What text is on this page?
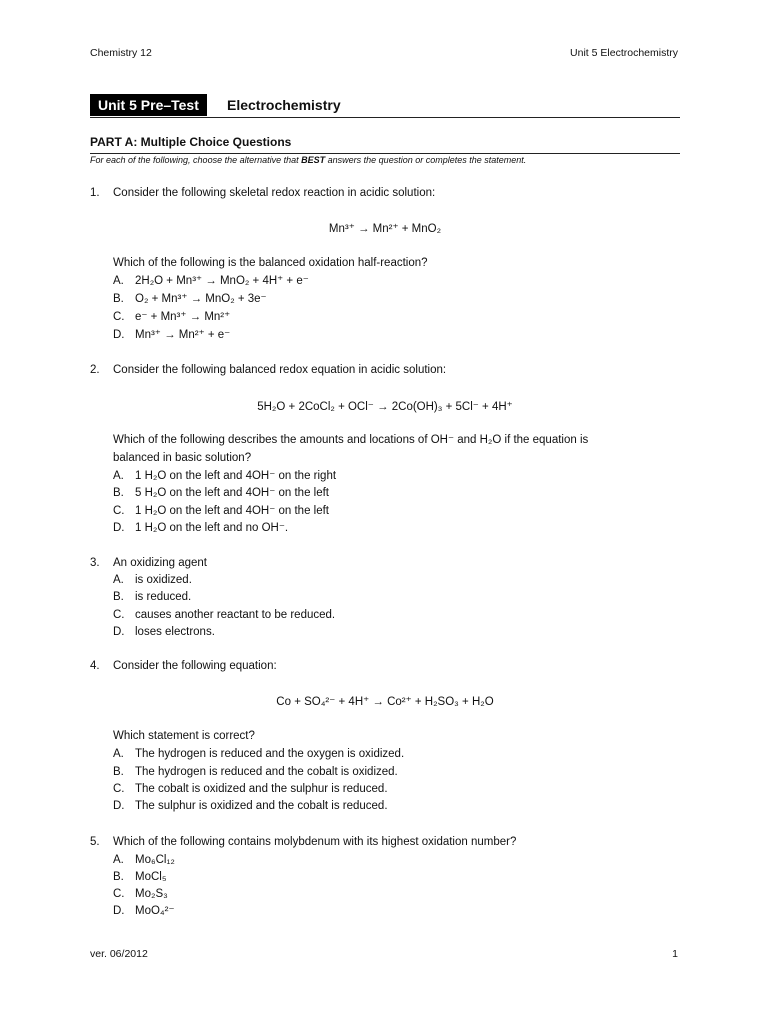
Chemistry 12	Unit 5 Electrochemistry
Unit 5 Pre–Test	Electrochemistry
PART A: Multiple Choice Questions
For each of the following, choose the alternative that BEST answers the question or completes the statement.
1.	Consider the following skeletal redox reaction in acidic solution:
Mn³⁺ → Mn²⁺ + MnO₂
Which of the following is the balanced oxidation half-reaction?
A. 2H₂O + Mn³⁺ → MnO₂ + 4H⁺ + e⁻
B. O₂ + Mn³⁺ → MnO₂ + 3e⁻
C. e⁻ + Mn³⁺ → Mn²⁺
D. Mn³⁺ → Mn²⁺ + e⁻
2.	Consider the following balanced redox equation in acidic solution:
5H₂O + 2CoCl₂ + OCl⁻ → 2Co(OH)₃ + 5Cl⁻ + 4H⁺
Which of the following describes the amounts and locations of OH⁻ and H₂O if the equation is
balanced in basic solution?
A. 1 H₂O on the left and 4OH⁻ on the right
B. 5 H₂O on the left and 4OH⁻ on the left
C. 1 H₂O on the left and 4OH⁻ on the left
D. 1 H₂O on the left and no OH⁻.
3.	An oxidizing agent
A. is oxidized.
B. is reduced.
C. causes another reactant to be reduced.
D. loses electrons.
4.	Consider the following equation:
Co + SO₄²⁻ + 4H⁺ → Co²⁺ + H₂SO₃ + H₂O
Which statement is correct?
A. The hydrogen is reduced and the oxygen is oxidized.
B. The hydrogen is reduced and the cobalt is oxidized.
C. The cobalt is oxidized and the sulphur is reduced.
D. The sulphur is oxidized and the cobalt is reduced.
5.	Which of the following contains molybdenum with its highest oxidation number?
A. Mo₆Cl₁₂
B. MoCl₅
C. Mo₂S₃
D. MoO₄²⁻
ver. 06/2012	1
